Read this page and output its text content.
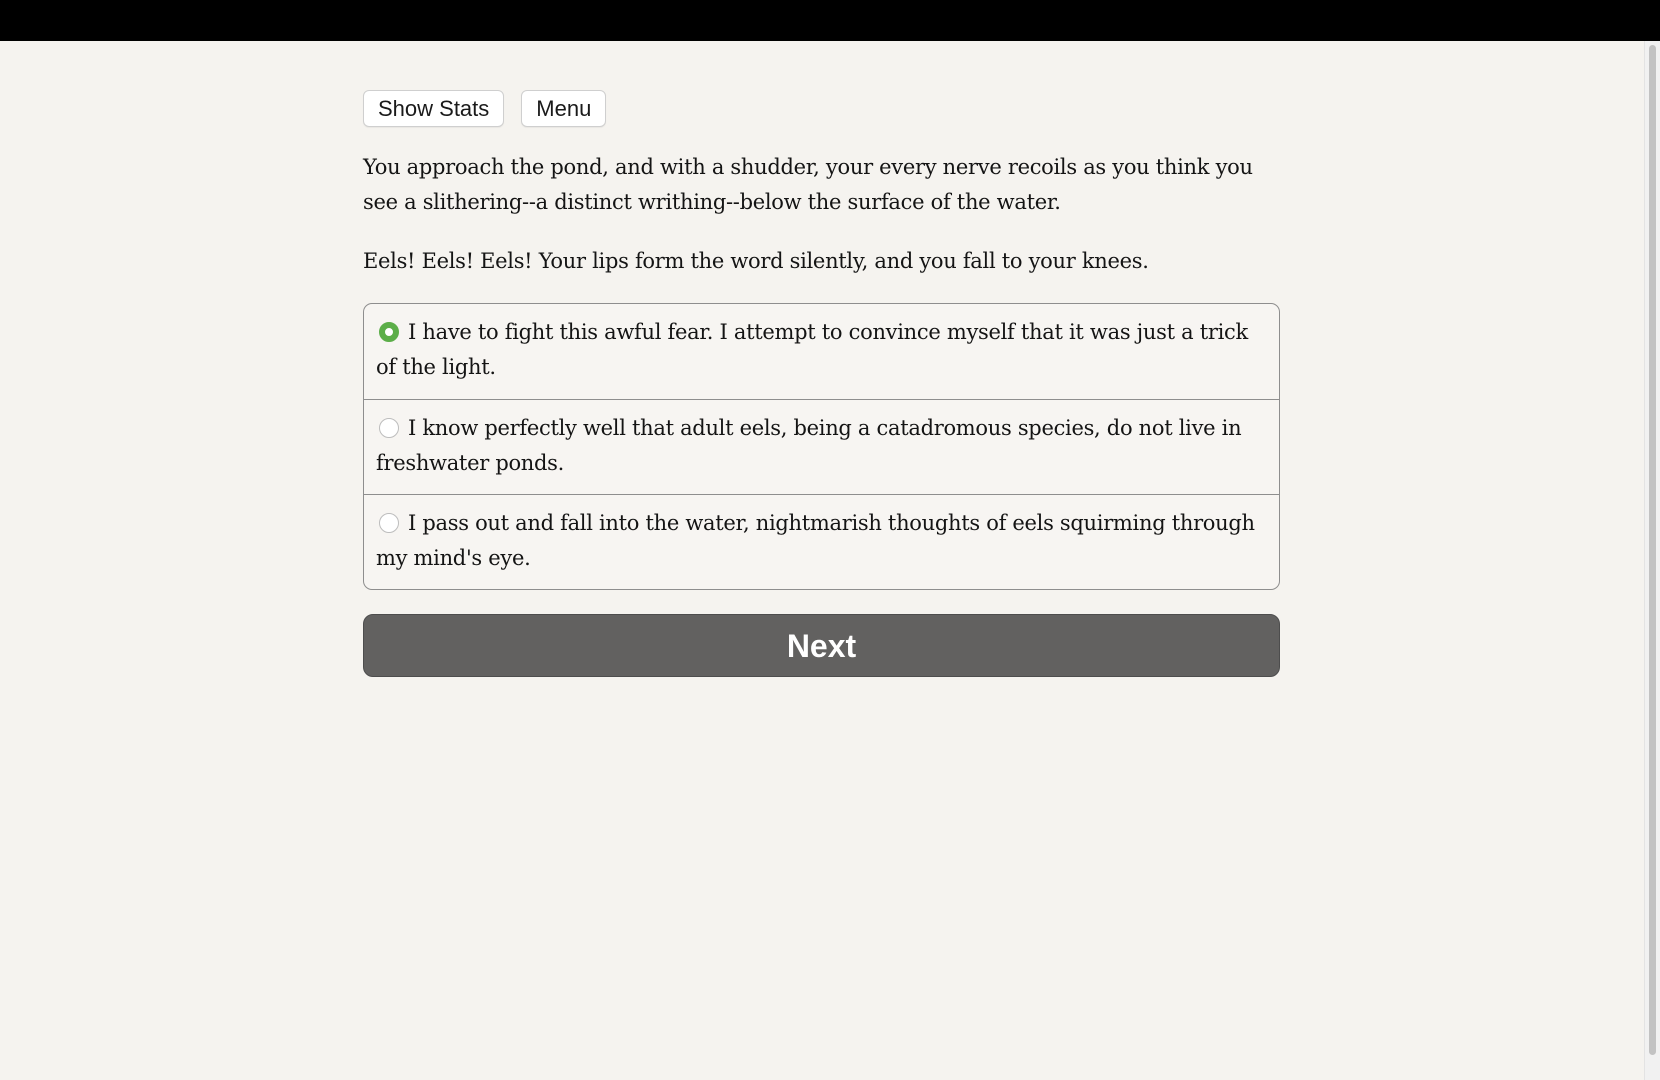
Show Stats	Menu

You approach the pond, and with a shudder, your every nerve recoils as you think you see a slithering--a distinct writhing--below the surface of the water.

Eels! Eels! Eels! Your lips form the word silently, and you fall to your knees.

I have to fight this awful fear. I attempt to convince myself that it was just a trick of the light.
I know perfectly well that adult eels, being a catadromous species, do not live in freshwater ponds.
I pass out and fall into the water, nightmarish thoughts of eels squirming through my mind's eye.
Next
